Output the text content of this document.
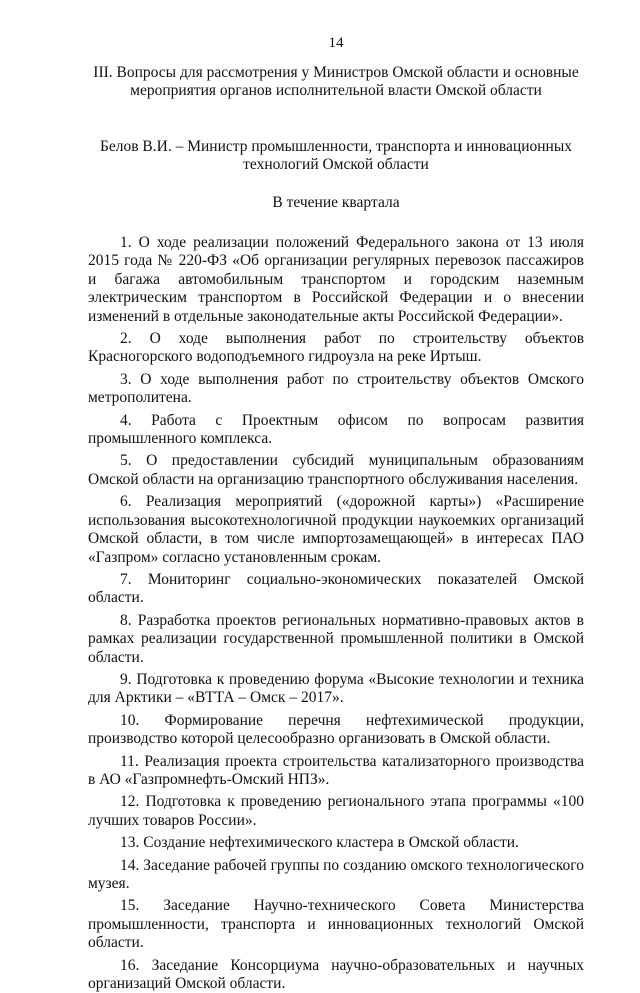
14
III. Вопросы для рассмотрения у Министров Омской области и основные мероприятия органов исполнительной власти Омской области
Белов В.И. – Министр промышленности, транспорта и инновационных технологий Омской области
В течение квартала

1. О ходе реализации положений Федерального закона от 13 июля 2015 года № 220-ФЗ «Об организации регулярных перевозок пассажиров и багажа автомобильным транспортом и городским наземным электрическим транспортом в Российской Федерации и о внесении изменений в отдельные законодательные акты Российской Федерации».

2. О ходе выполнения работ по строительству объектов Красногорского водоподъемного гидроузла на реке Иртыш.

3. О ходе выполнения работ по строительству объектов Омского метрополитена.

4. Работа с Проектным офисом по вопросам развития промышленного комплекса.

5. О предоставлении субсидий муниципальным образованиям Омской области на организацию транспортного обслуживания населения.

6. Реализация мероприятий («дорожной карты») «Расширение использования высокотехнологичной продукции наукоемких организаций Омской области, в том числе импортозамещающей» в интересах ПАО «Газпром» согласно установленным срокам.

7. Мониторинг социально-экономических показателей Омской области.

8. Разработка проектов региональных нормативно-правовых актов в рамках реализации государственной промышленной политики в Омской области.

9. Подготовка к проведению форума «Высокие технологии и техника для Арктики – «ВТТА – Омск – 2017».

10. Формирование перечня нефтехимической продукции, производство которой целесообразно организовать в Омской области.

11. Реализация проекта строительства катализаторного производства в АО «Газпромнефть-Омский НПЗ».

12. Подготовка к проведению регионального этапа программы «100 лучших товаров России».

13. Создание нефтехимического кластера в Омской области.

14. Заседание рабочей группы по созданию омского технологического музея.

15. Заседание Научно-технического Совета Министерства промышленности, транспорта и инновационных технологий Омской области.

16. Заседание Консорциума научно-образовательных и научных организаций Омской области.
